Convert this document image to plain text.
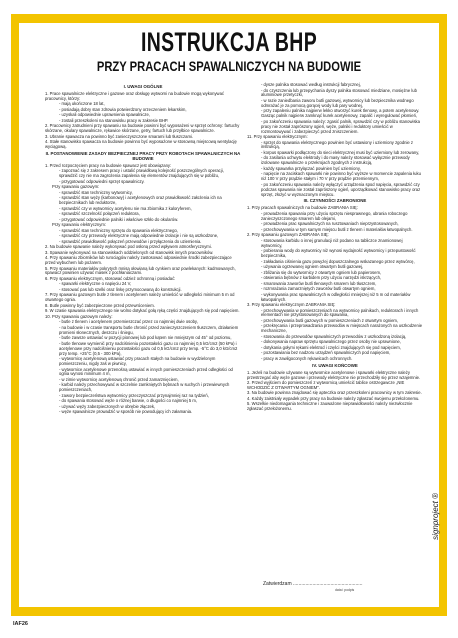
INSTRUKCJA BHP
PRZY PRACACH SPAWALNICZYCH NA BUDOWIE
I. UWAGI OGÓLNE
1. Prace spawalnicze elektryczne i gazowe oraz obsługę wytworni na budowie mogą wykonywać pracownicy, którzy:
- mają ukończone 18 lat,
- posiadają dobry stan zdrowia potwierdzony orzeczeniem lekarskim,
- uzyskali odpowiednie uprawnienia spawalnicze,
- zostali przeszkoleni na stanowisku pracy w zakresie BHP.
2. Pracownicy zatrudnieni przy spawaniu na budowie powinni być wyposażeni w sprzęt ochrony: fartuchy skórzane, okulary spawalnicze, rękawice skórzane, getry, fartuch lub przyłbice spawalnicze.
3. Ubranie spawacza na powinno być zanieczyszczone smarami lub tłuszczami.
4. Stałe stanowisko spawacza na budowie powinno być wyposażone w stosowną miejscową wentylację wyciągową.
II. POSTANOWIENIE ZASADY BEZPIECZNEJ PRACY PRZY ROBOTACH SPAWALNICZYCH NA BUDOWIE
1. Przed rozpoczęciem pracy na budowie spawacz jest obowiązany:
- zapoznać się z zakresem pracy i ustalić prawidłową kolejność poszczególnych operacji, sprawdzić czy nie ma zagrożenia zapalenia się elementów znajdujących się w pobliżu,
- przygotować odpowiedni sprzęt spawalniczy.
Przy spawaniu gazowym:
- sprawdzić stan techniczny wytwornicy,
- sprawdzić stan węży (karbonowy) i acetylenowych oraz prawidłowość założenia ich na bezpiecznikach lub reduktorze,
- sprawdzić czy w wytwornicy acetylenu nie ma zbiornika z kaloryferem,
- sprawdzić szczelność połączeń reduktora,
- przygotować odpowiednie palniki i właściwe szkło do okularów.
Przy spawaniu elektrycznym:
- sprawdzić stan techniczny sprzętu do spawania elektrycznego,
- sprawdzić czy przewody elektryczne mają odpowiednie izolacje i nie są uszkodzone,
- sprawdzić prawidłowość połączeń przewodów i przyłączenia do uziemienia.
2. Na budowie spawanie należy wykonywać pod osłoną przed wpływem atmosferycznymi.
3. Spawanie wykonywać na stanowiskach oddzielonych od stanowisk innych pracowników.
4. Przy spawaniu zbiorników lub rurociągów należy zastosować odpowiednie środki zabezpieczające przed wybuchem lub pożarem.
5. Przy spawaniu materiałów pokrytych mnisą ołowianą lub cynkiem oraz powlekanych: kadmowanych, spawacz powinien używać masek z pochłaniaczami.
6. Przy spawaniu elektrycznym, stosować odzież ochronną i posiadać:
- spawarki elektryczne o napięciu 24 V,
- stosować pas lub szelki oraz linkę przymocowaną do konstrukcji.
7. Przy spawaniu gazowym butle z tlenem i acetylenem należy umieścić w odległości minimum 5 m od otwartego ognia.
8. Butle powinny być zabezpieczone przed przewróceniem.
9. W czasie spawania elektrycznego nie wolno dotykać gołą ręką części znajdujących się pod napięciem.
10. Przy spawaniu gazowym należy:
- butle z tlenem i acetylenem przemieszczać przez co najmniej dwie osoby,
- na budowie i w czasie transportu butle chronić przed zanieczyszczeniem tłuszczem, działaniem promieni słonecznych, deszczu i śniegu,
- butle zawsze ustawiać w pozycji pionowej lub pod kątem nie mniejszym od 45° od poziomu,
- butle tlenowe wymienić przy nadciśnieniu pozostałości gazu co najmniej 0,5 kG/cm2 (50 kPa) i acetylenowe przy nadciśnieniu pozostałości gazu od 0,5 kG/cm2 przy temp. -5°C do 3,0 kG/cm2 przy temp. +25°C (0,5 - 300 kPa),
- wytwornicę acetylenową ustawiać przy pracach stałych na budowie w wydzielonym pomieszczeniu, nigdy zaś w piwnicy,
- wytwornice acetylenowe przenośną ustawiać w innych pomieszczeniach przed odległości od ognia wynosi minimum 4 m,
- w zimie wytwornicę acetylenową chronić przed zamarznięciem,
- karbid należy przechowywać w szczelnie zamkniętych bębnach w suchych i przewiewnych pomieszczeniach,
- zawory bezpieczeństwa wytwornicy przeczyszczać przynajmniej raz na tydzień,
- do spawania stosować węże o różnej barwie, o długości co najmniej 5 m,
- używać węży zabezpieczonych w obrębie złączek,
- węże spawalnicze prowadzić w sposób nie powodujący ich załamania.
- dysze palnika stosować według instrukcji fabrycznej,
- do czyszczenia lub przepychania dyszy palnika stosować miedziane, mosiężne lub aluminiowe przetyczki,
- w razie zaniedbania zaworu butli gazowej, wytwornicy lub bezpiecznika wodnego odmrażać je za pomocą gorącej wody lub pary wodnej,
- przy zapaleniu palnika najpierw lekko otworzyć kurek tlenowy, a potem acetylenowy. Gasząc palnik najpierw zamknąć kurek acetylenowy, zapalić i wyregulować płomień,
- po zakończeniu spawania należy: zgasić palnik, sprawdzić czy w pobliżu stanowiska pracy nie został zaprószony ogień, węże, palniki i reduktory umieścić w rozmontowywać i zabezpieczyć przed zniszczeniem.
11. Przy spawaniu elektrycznym:
- sprzęt do spawania elektrycznego powinien być ustawiony i uziemiony zgodnie z instrukcją,
- korpus spawarki podłączony do sieci elektrycznej musi być uziemiony lub zerowany,
- do zasilania uchwytu elektrody i do masy należy stosować wyłącznie przewody izolowane spawalnicze o przekrojach zgodnych z instrukcją,
- każdy spawarka przyłączać powinien być uziemiony,
- napięcie na zaciskach spawarki nie powinno być wyższe w momencie zapalenia łuku niż 100 V przy prądzie stałym i 70 V przy prądzie przemiennym,
- po zakończeniu spawania należy wyłączyć urządzenia spod napięcia, sprawdzić czy podczas spawania nie został zaprószony ogień, uporządkować stanowisko pracy oraz sprzęt, złożyć w wyznaczonym miejscu.
III. CZYNNOŚCI ZABRONIONE
1. Przy pracach spawalniczych na budowie ZABRANIA SIĘ:
- prowadzenia spawania przy użyciu sprzętu niesprawnego, ubrania roboczego zanieczyszczonego smarem lub olejami,
- prowadzenia prac spawalniczych na rusztowaniach nieprzystosowanych,
- przechowywania w tym samym miejscu butli z tlenem i materiałów łatwopalnych.
2. Przy spawaniu gazowym ZABRANIA SIĘ:
- stosowania karbidu o innej granulacji niż podano na tabliczce znamionowej wytwornicy,
- pobierania wody do wytwornicy niż wynosi wydajność wytwornicy i przepustowość bezpiecznika,
- zakładania ciśnienia gazu powyżej dopuszczalnego wskazanego przez wytwórcę,
- używania ogrzewanej ogniem otwartym butli gazowej,
- zbliżania się do wytwornicy z otwartym ogniem lub papierosem,
- otwierania bębnów z karbidem przy użyciu narzędzi iskrzących,
- smarowania zaworów butli tlenowych smarem lub tłuszczem,
- rozmrażania zamarzniętych zaworów butli otwartym ogniem,
- wykonywania prac spawalniczych w odległości mniejszej niż 5 m od materiałów łatwopalnych.
3. Przy spawaniu elektrycznym ZABRANIA SIĘ:
- przechowywania w pomieszczeniach na wytwornicę palnikach, reduktorach i innych elementach nie przystosowanych do spawania,
- przechowywania butli gazowych w pomieszczeniach z otwartym ogniem,
- przekręcania i przeprowadzania przewodów w miejscach narażonych na uszkodzenie mechaniczne,
- stosowania do przewodów spawalniczych przewodów z uszkodzoną izolacją,
- dokonywania napraw sprzętu spawalniczego przez osoby nie uprawnione,
- dotykania gołymi rękami elektrod i części znajdujących się pod napięciem,
- pozostawiania bez nadzoru urządzeń spawalniczych pod napięciem,
- pracy w zawilgoconych rękawicach ochronnych.
IV. UWAGI KOŃCOWE
1. Jeżeli na budowie używane są wytwornice acetylenowe i spawarki elektryczne należy przestrzegać aby węże gazowe i przewody elektryczne nie przechodziły się przez wzajemnie.
2. Przed wyjściem do pomieszczeń z wytwornicą umieścić tablice ostrzegawcze „NIE WCHODZIĆ Z OTWARTYM OGNIEM".
3. Na budowie powinna znajdować się apteczka oraz przeszkoleni pracownicy w tym zakresie.
4. Każdy zaistniały wypadek przy pracy na budowie należy zgłaszać swojemu przełożonemu.
5. Wszelkie niedomagania techniczne i zauważone nieprawidłowości należy niezwłocznie zgłaszać przełożonemu.
Zatwierdzam ..................................................
data i podpis
signproject ®
IAF26
